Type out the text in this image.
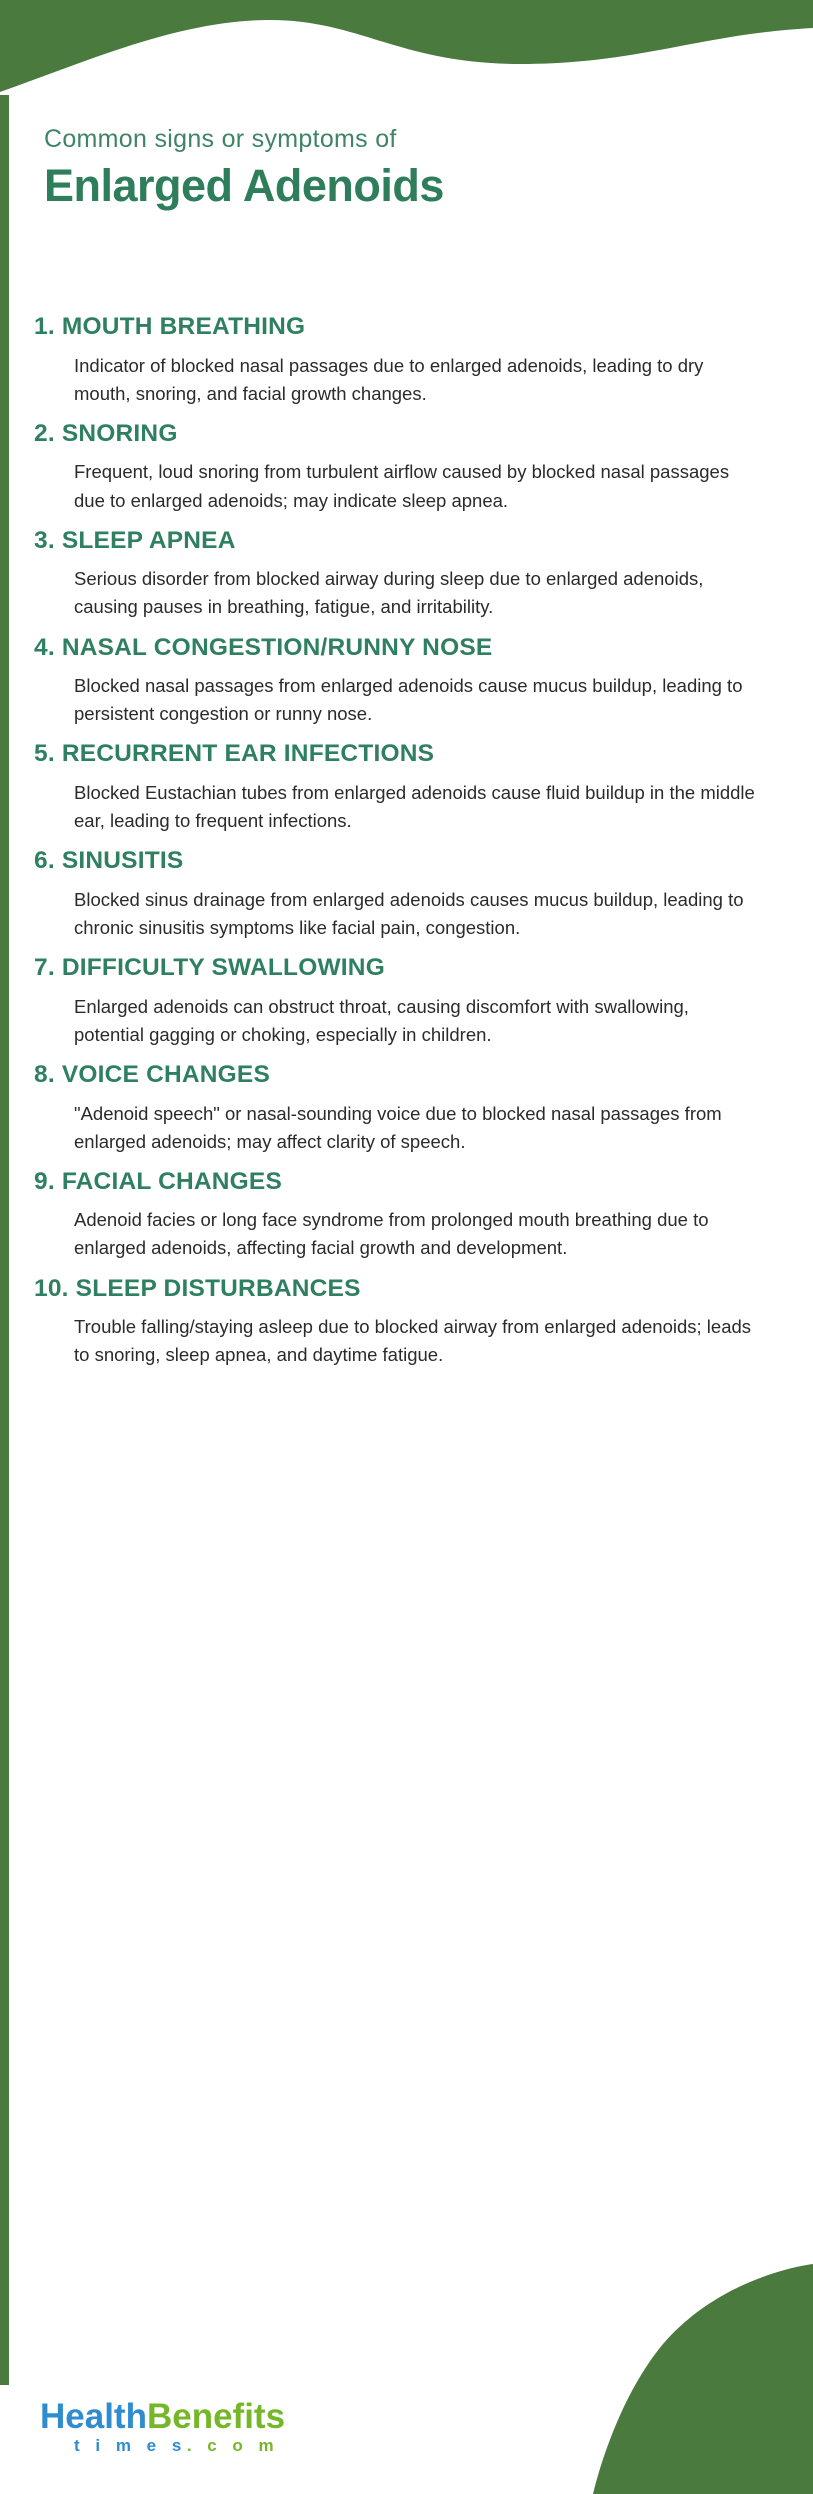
Common signs or symptoms of

Enlarged Adenoids
1. MOUTH BREATHING

Indicator of blocked nasal passages due to enlarged adenoids, leading to dry mouth, snoring, and facial growth changes.

2. SNORING

Frequent, loud snoring from turbulent airflow caused by blocked nasal passages due to enlarged adenoids; may indicate sleep apnea.

3. SLEEP APNEA

Serious disorder from blocked airway during sleep due to enlarged adenoids, causing pauses in breathing, fatigue, and irritability.

4. NASAL CONGESTION/RUNNY NOSE

Blocked nasal passages from enlarged adenoids cause mucus buildup, leading to persistent congestion or runny nose.

5. RECURRENT EAR INFECTIONS

Blocked Eustachian tubes from enlarged adenoids cause fluid buildup in the middle ear, leading to frequent infections.

6. SINUSITIS

Blocked sinus drainage from enlarged adenoids causes mucus buildup, leading to chronic sinusitis symptoms like facial pain, congestion.

7. DIFFICULTY SWALLOWING

Enlarged adenoids can obstruct throat, causing discomfort with swallowing, potential gagging or choking, especially in children.

8. VOICE CHANGES

"Adenoid speech" or nasal-sounding voice due to blocked nasal passages from enlarged adenoids; may affect clarity of speech.

9. FACIAL CHANGES

Adenoid facies or long face syndrome from prolonged mouth breathing due to enlarged adenoids, affecting facial growth and development.

10. SLEEP DISTURBANCES

Trouble falling/staying asleep due to blocked airway from enlarged adenoids; leads to snoring, sleep apnea, and daytime fatigue.

HealthBenefits
t i m e s. c o m
